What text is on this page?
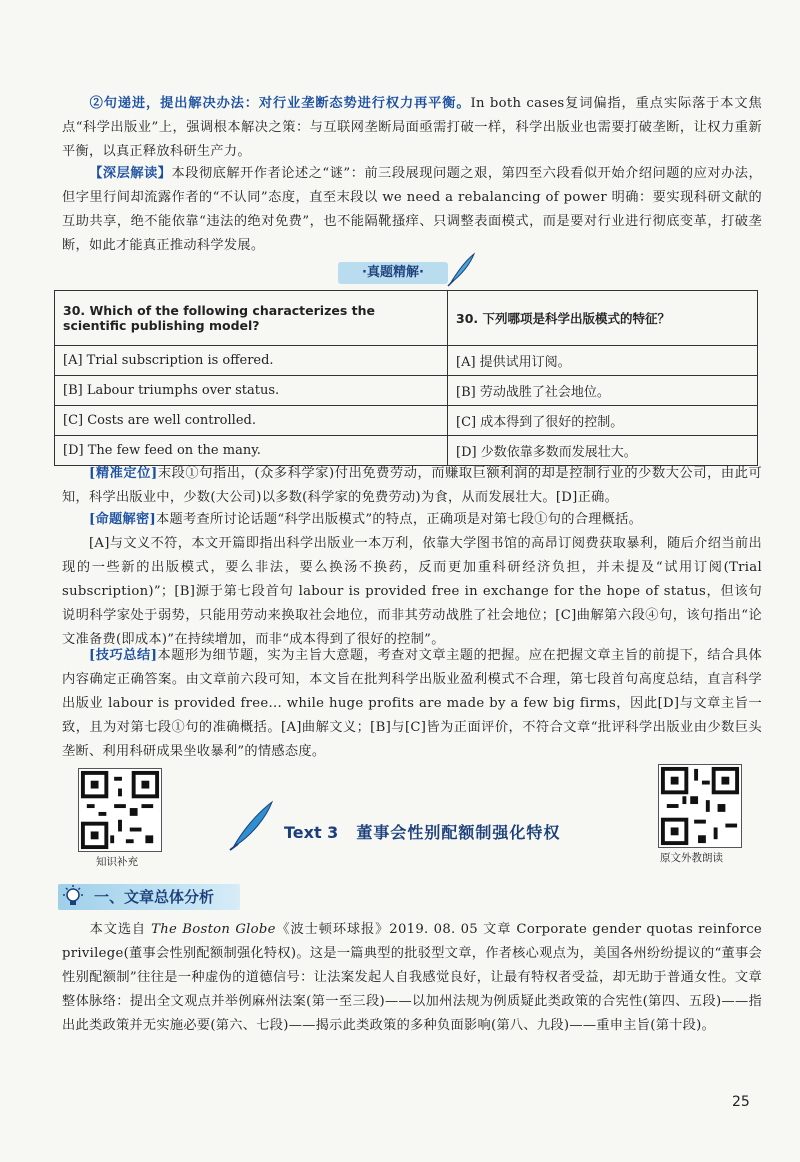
  ②句递进，提出解决办法：对行业垄断态势进行权力再平衡。In both cases复词偏指，重点实际落于本文焦点“科学出版业”上，强调根本解决之策：与互联网垄断局面亟需打破一样，科学出版业也需要打破垄断，让权力重新平衡，以真正释放科研生产力。
  【深层解读】本段彻底解开作者论述之“谜”：前三段展现问题之艰，第四至六段看似开始介绍问题的应对办法，但字里行间却流露作者的“不认同”态度，直至末段以 we need a rebalancing of power 明确：要实现科研文献的互助共享，绝不能依靠“违法的绝对免费”，也不能隔靴搔痒、只调整表面模式，而是要对行业进行彻底变革，打破垄断，如此才能真正推动科学发展。
·真题精解·
30. Which of the following characterizes the scientific publishing model?	30. 下列哪项是科学出版模式的特征？
[A] Trial subscription is offered.	[A] 提供试用订阅。
[B] Labour triumphs over status.	[B] 劳动战胜了社会地位。
[C] Costs are well controlled.	[C] 成本得到了很好的控制。
[D] The few feed on the many.	[D] 少数依靠多数而发展壮大。
  [精准定位]末段①句指出，(众多科学家)付出免费劳动，而赚取巨额利润的却是控制行业的少数大公司，由此可知，科学出版业中，少数(大公司)以多数(科学家的免费劳动)为食，从而发展壮大。[D]正确。
  [命题解密]本题考查所讨论话题“科学出版模式”的特点，正确项是对第七段①句的合理概括。
  [A]与文义不符，本文开篇即指出科学出版业一本万利，依靠大学图书馆的高昂订阅费获取暴利，随后介绍当前出现的一些新的出版模式，要么非法，要么换汤不换药，反而更加重科研经济负担，并未提及“试用订阅(Trial subscription)”；[B]源于第七段首句 labour is provided free in exchange for the hope of status，但该句说明科学家处于弱势，只能用劳动来换取社会地位，而非其劳动战胜了社会地位；[C]曲解第六段④句，该句指出“论文准备费(即成本)”在持续增加，而非“成本得到了很好的控制”。
  [技巧总结]本题形为细节题，实为主旨大意题，考查对文章主题的把握。应在把握文章主旨的前提下，结合具体内容确定正确答案。由文章前六段可知，本文旨在批判科学出版业盈利模式不合理，第七段首句高度总结，直言科学出版业 labour is provided free... while huge profits are made by a few big firms，因此[D]与文章主旨一致，且为对第七段①句的准确概括。[A]曲解文义；[B]与[C]皆为正面评价，不符合文章“批评科学出版业由少数巨头垄断、利用科研成果坐收暴利”的情感态度。
知识补充	原文外教朗读
Text 3 董事会性别配额制强化特权
一、文章总体分析
  本文选自 The Boston Globe《波士顿环球报》2019. 08. 05 文章 Corporate gender quotas reinforce privilege(董事会性别配额制强化特权)。这是一篇典型的批驳型文章，作者核心观点为，美国各州纷纷提议的“董事会性别配额制”往往是一种虚伪的道德信号：让法案发起人自我感觉良好，让最有特权者受益，却无助于普通女性。文章整体脉络：提出全文观点并举例麻州法案(第一至三段)——以加州法规为例质疑此类政策的合宪性(第四、五段)——指出此类政策并无实施必要(第六、七段)——揭示此类政策的多种负面影响(第八、九段)——重申主旨(第十段)。
25
